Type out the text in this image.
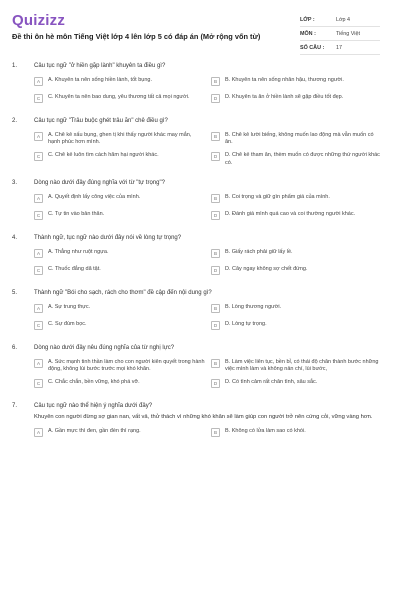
Quizizz
Đề thi ôn hè môn Tiếng Việt lớp 4 lên lớp 5 có đáp án (Mở rộng vốn từ)
LỚP :	Lớp 4
MÔN :	Tiếng Việt
SỐ CÂU :	17
1.	Câu tục ngữ "ở hiền gặp lành" khuyên ta điều gì?
A	A. Khuyên ta nên sống hiền lành, tốt bụng.	B	B. Khuyên ta nên sống nhân hậu, thương người.
C	C. Khuyên ta nên bao dung, yêu thương tất cả mọi người.	D	D. Khuyên ta ăn ở hiền lành sẽ gặp điều tốt đẹp.
2.	Câu tục ngữ "Trâu buộc ghét trâu ăn" chê điều gì?
A	A. Chê kẻ xấu bụng, ghen tị khi thấy người khác may mắn, hạnh phúc hơn mình.
B	B. Chê kẻ lười biếng, không muốn lao động mà vẫn muốn có ăn.
C	C. Chê kẻ luôn tìm cách hãm hại người khác.	D	D. Chê kẻ tham ăn, thèm muốn có được những thứ người khác có.
3.	Dòng nào dưới đây đúng nghĩa với từ "tự trọng"?
A	A. Quyết định lấy công việc của mình.	B	B. Coi trọng và giữ gìn phẩm giá của mình.
C	C. Tự tin vào bản thân.	D	D. Đánh giá mình quá cao và coi thường người khác.
4.	Thành ngữ, tục ngữ nào dưới đây nói về lòng tự trọng?
A	A. Thẳng như ruột ngựa.	B	B. Giấy rách phải giữ lấy lề.
C	C. Thuốc đắng dã tật.	D	D. Cây ngay không sợ chết đứng.
5.	Thành ngữ "Bói cho sạch, rách cho thơm" đề cập đến nội dung gì?
A	A. Sự trung thực.	B	B. Lòng thương người.
C	C. Sự đùm bọc.	D	D. Lòng tự trọng.
6.	Dòng nào dưới đây nêu đúng nghĩa của từ nghị lực?
A	A. Sức mạnh tinh thần làm cho con người kiên quyết trong hành động, không lùi bước trước mọi khó khăn.
B	B. Làm việc liên tục, bền bỉ, có thái độ chăn thành bước những việc mình làm và không nản chí, lùi bước,
C	C. Chắc chắn, bền vững, khó phá vỡ.	D	D. Có tình cảm rất chân tình, sâu sắc.
7.	Câu tục ngữ nào thể hiện ý nghĩa dưới đây?
Khuyên con người đừng sợ gian nan, vất vả, thử thách vì những khó khăn sẽ làm giúp con người trở nên cứng cỏi, vững vàng hơn.
A	A. Gần mực thì đen, gần đèn thì rạng.	B	B. Không có lửa làm sao có khói.
